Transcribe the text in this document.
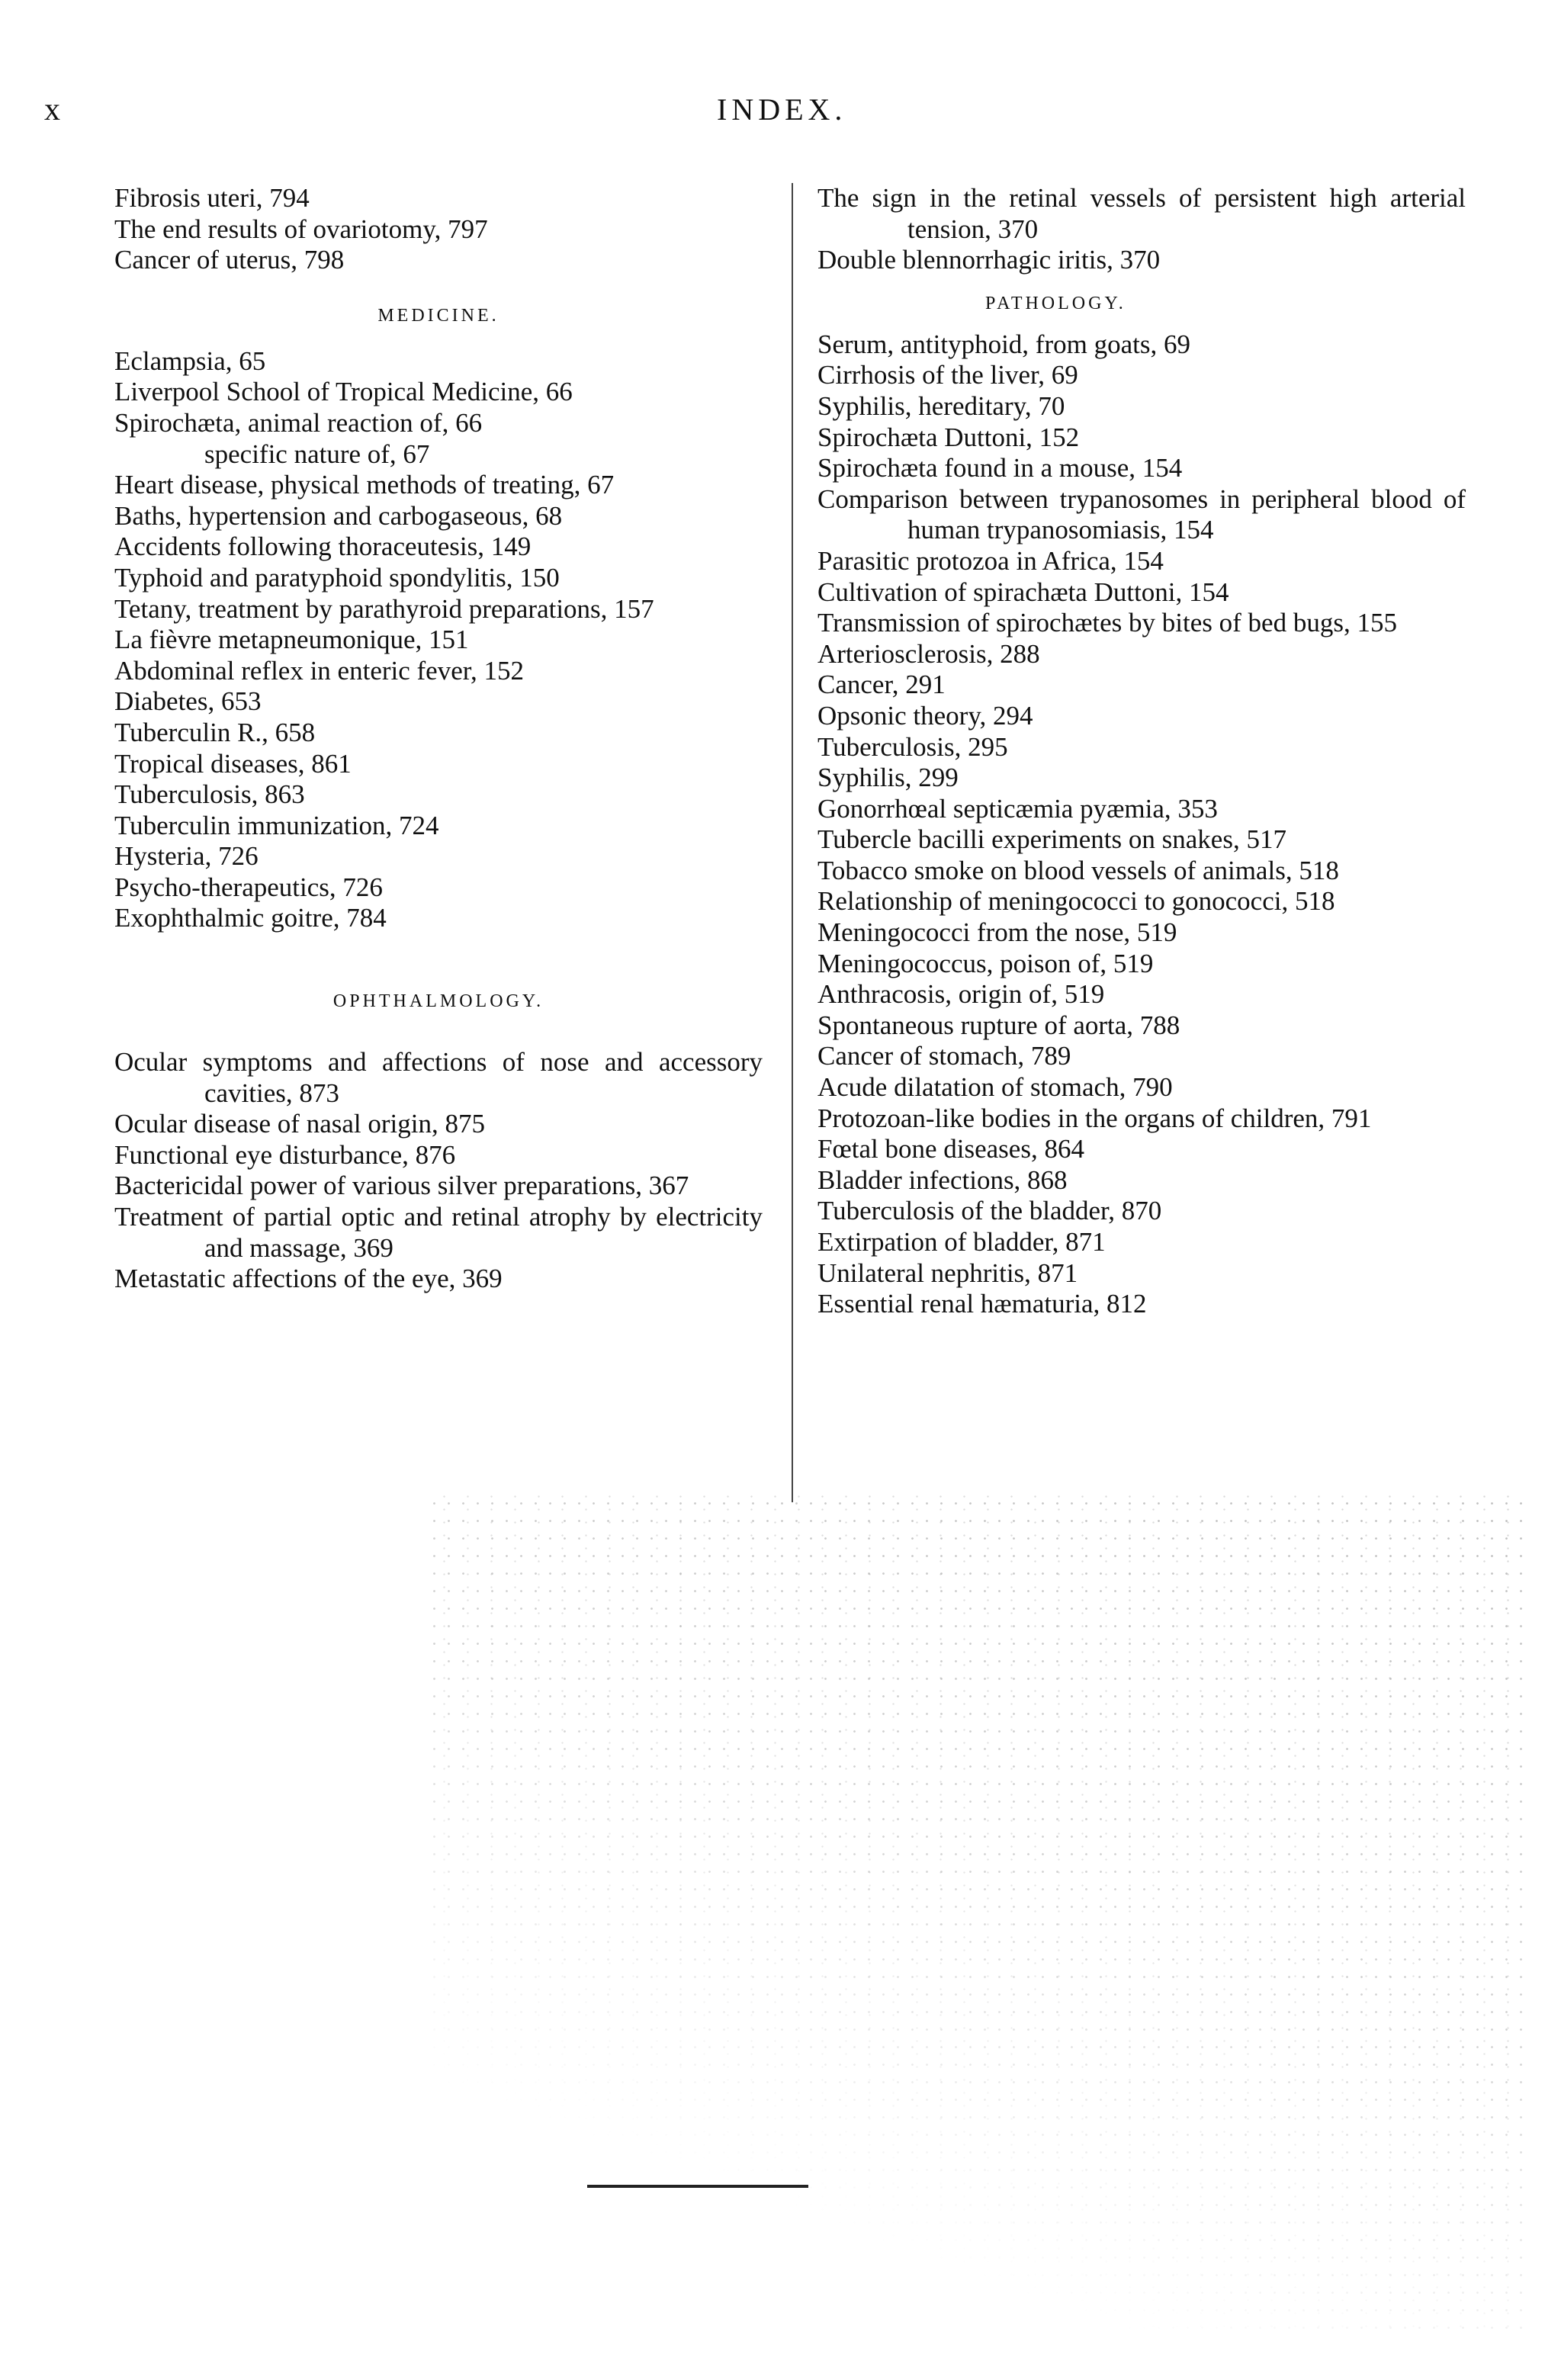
x	INDEX.
Fibrosis uteri, 794
The end results of ovariotomy, 797
Cancer of uterus, 798
MEDICINE.
Eclampsia, 65
Liverpool School of Tropical Medicine, 66
Spirochæta, animal reaction of, 66
specific nature of, 67
Heart disease, physical methods of treating, 67
Baths, hypertension and carbogaseous, 68
Accidents following thoraceutesis, 149
Typhoid and paratyphoid spondylitis, 150
Tetany, treatment by parathyroid preparations, 157
La fièvre metapneumonique, 151
Abdominal reflex in enteric fever, 152
Diabetes, 653
Tuberculin R., 658
Tropical diseases, 861
Tuberculosis, 863
Tuberculin immunization, 724
Hysteria, 726
Psycho-therapeutics, 726
Exophthalmic goitre, 784
OPHTHALMOLOGY.
Ocular symptoms and affections of nose and accessory cavities, 873
Ocular disease of nasal origin, 875
Functional eye disturbance, 876
Bactericidal power of various silver preparations, 367
Treatment of partial optic and retinal atrophy by electricity and massage, 369
Metastatic affections of the eye, 369
The sign in the retinal vessels of persistent high arterial tension, 370
Double blennorrhagic iritis, 370
PATHOLOGY.
Serum, antityphoid, from goats, 69
Cirrhosis of the liver, 69
Syphilis, hereditary, 70
Spirochæta Duttoni, 152
Spirochæta found in a mouse, 154
Comparison between trypanosomes in peripheral blood of human trypanosomiasis, 154
Parasitic protozoa in Africa, 154
Cultivation of spirachæta Duttoni, 154
Transmission of spirochætes by bites of bed bugs, 155
Arteriosclerosis, 288
Cancer, 291
Opsonic theory, 294
Tuberculosis, 295
Syphilis, 299
Gonorrhœal septicæmia pyæmia, 353
Tubercle bacilli experiments on snakes, 517
Tobacco smoke on blood vessels of animals, 518
Relationship of meningococci to gonococci, 518
Meningococci from the nose, 519
Meningococcus, poison of, 519
Anthracosis, origin of, 519
Spontaneous rupture of aorta, 788
Cancer of stomach, 789
Acude dilatation of stomach, 790
Protozoan-like bodies in the organs of children, 791
Fœtal bone diseases, 864
Bladder infections, 868
Tuberculosis of the bladder, 870
Extirpation of bladder, 871
Unilateral nephritis, 871
Essential renal hæmaturia, 812
